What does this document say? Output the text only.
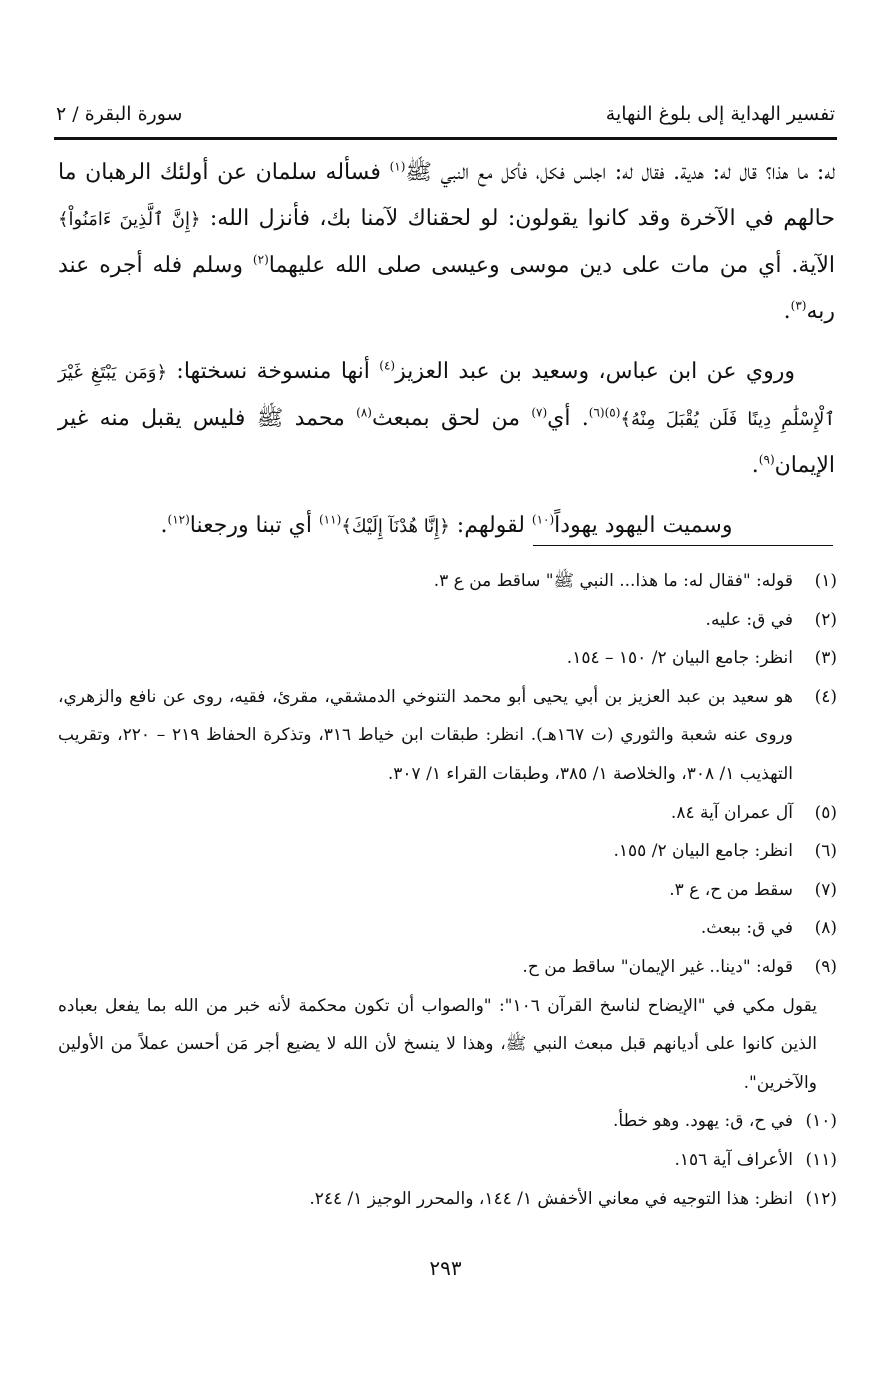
تفسير الهداية إلى بلوغ النهاية
سورة البقرة / ٢

له: ما هذا؟ قال له: هدية. فقال له: اجلس فكل، فأكل مع النبي ﷺ$^{(١)}$ فسأله سلمان عن أولئك الرهبان ما حالهم في الآخرة وقد كانوا يقولون: لو لحقناك لآمنا بك، فأنزل الله: ﴿إِنَّ ٱلَّذِينَ ءَامَنُواْ﴾ الآية. أي من مات على دين موسى وعيسى صلى الله عليهما$^{(٢)}$ وسلم فله أجره عند ربه$^{(٣)}$.

وروي عن ابن عباس، وسعيد بن عبد العزيز$^{(٤)}$ أنها منسوخة نسختها: ﴿وَمَن يَبْتَغِ غَيْرَ ٱلْإِسْلَٰمِ دِينًا فَلَن يُقْبَلَ مِنْهُ﴾$^{(٥)(٦)}$. أي$^{(٧)}$ من لحق بمبعث$^{(٨)}$ محمد ﷺ فليس يقبل منه غير الإيمان$^{(٩)}$.

وسميت اليهود يهوداً$^{(١٠)}$ لقولهم: ﴿إِنَّا هُدْنَآ إِلَيْكَ﴾$^{(١١)}$ أي تبنا ورجعنا$^{(١٢)}$.

(١)
قوله: "فقال له: ما هذا... النبي ﷺ" ساقط من ع ٣.
(٢)
في ق: عليه.
(٣)
انظر: جامع البيان ٢/ ١٥٠ – ١٥٤.
(٤)
هو سعيد بن عبد العزيز بن أبي يحيى أبو محمد التنوخي الدمشقي، مقرئ، فقيه، روى عن نافع والزهري، وروى عنه شعبة والثوري (ت ١٦٧هـ). انظر: طبقات ابن خياط ٣١٦، وتذكرة الحفاظ ٢١٩ – ٢٢٠، وتقريب التهذيب ١/ ٣٠٨، والخلاصة ١/ ٣٨٥، وطبقات القراء ١/ ٣٠٧.
(٥)
آل عمران آية ٨٤.
(٦)
انظر: جامع البيان ٢/ ١٥٥.
(٧)
سقط من ح، ع ٣.
(٨)
في ق: ببعث.
(٩)
قوله: "دينا.. غير الإيمان" ساقط من ح.
يقول مكي في "الإيضاح لناسخ القرآن ١٠٦": "والصواب أن تكون محكمة لأنه خبر من الله بما يفعل بعباده الذين كانوا على أديانهم قبل مبعث النبي ﷺ، وهذا لا ينسخ لأن الله لا يضيع أجر مَن أحسن عملاً من الأولين والآخرين".
(١٠)
في ح، ق: يهود. وهو خطأ.
(١١)
الأعراف آية ١٥٦.
(١٢)
انظر: هذا التوجيه في معاني الأخفش ١/ ١٤٤، والمحرر الوجيز ١/ ٢٤٤.
٢٩٣
